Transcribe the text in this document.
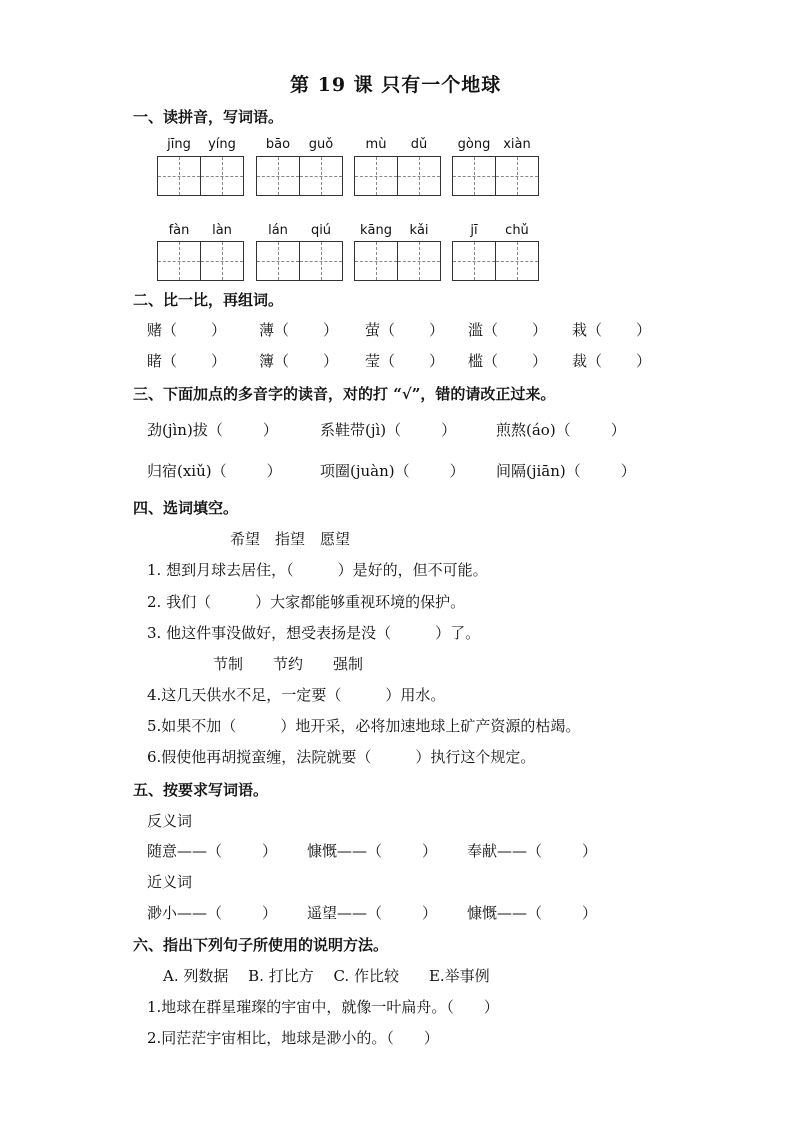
第 19 课 只有一个地球
一、读拼音，写词语。
jīng	yíng	bāo	guǒ	mù	dǔ	gòng xiàn
fàn	làn	lán	qiú	kāng	kǎi	jī	chǔ
二、比一比，再组词。
赌（ ） 薄（ ） 萤（ ） 滥（ ） 栽（ ）
睹（ ） 簿（ ） 莹（ ） 槛（ ） 裁（ ）
三、下面加点的多音字的读音，对的打 “√”，错的请改正过来。
劲(jìn)拔（	）	系鞋带(jì)（	）	煎熬(áo)（	）
归宿(xiǔ)（	）	项圈(juàn)（	） 间隔(jiān)（	）
四、选词填空。
希望　指望　愿望
1. 想到月球去居住，（	）是好的，但不可能。
2. 我们（	）大家都能够重视环境的保护。
3. 他这件事没做好，想受表扬是没（	）了。
节制　　节约　　强制
4.这几天供水不足，一定要（	）用水。
5.如果不加（	）地开采，必将加速地球上矿产资源的枯竭。
6.假使他再胡搅蛮缠，法院就要（	）执行这个规定。
五、按要求写词语。
反义词
随意——（	） 慷慨——（	） 奉献——（	）
近义词
渺小——（	） 遥望——（	） 慷慨——（	）
六、指出下列句子所使用的说明方法。
A. 列数据　 B. 打比方　 C. 作比较　　E.举事例
1.地球在群星璀璨的宇宙中，就像一叶扁舟。（ ）
2.同茫茫宇宙相比，地球是渺小的。（ ）
